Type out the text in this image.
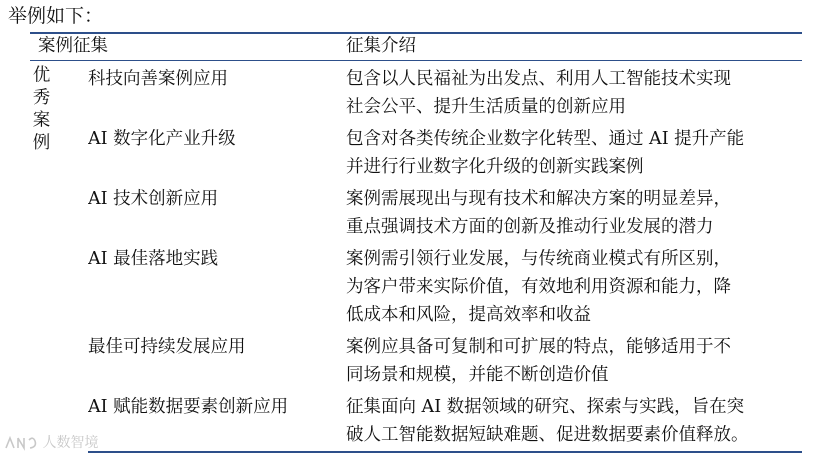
举例如下：
案例征集		征集介绍
优秀案例	科技向善案例应用	包含以人民福祉为出发点、利用人工智能技术实现
社会公平、提升生活质量的创新应用

	AI 数字化产业升级	包含对各类传统企业数字化转型、通过 AI 提升产能
并进行行业数字化升级的创新实践案例

	AI 技术创新应用	案例需展现出与现有技术和解决方案的明显差异，
重点强调技术方面的创新及推动行业发展的潜力

	AI 最佳落地实践	案例需引领行业发展，与传统商业模式有所区别，
为客户带来实际价值，有效地利用资源和能力，降
低成本和风险，提高效率和收益

	最佳可持续发展应用	案例应具备可复制和可扩展的特点，能够适用于不
同场景和规模，并能不断创造价值

	AI 赋能数据要素创新应用	征集面向 AI 数据领域的研究、探索与实践，旨在突
破人工智能数据短缺难题、促进数据要素价值释放。
人数智境
